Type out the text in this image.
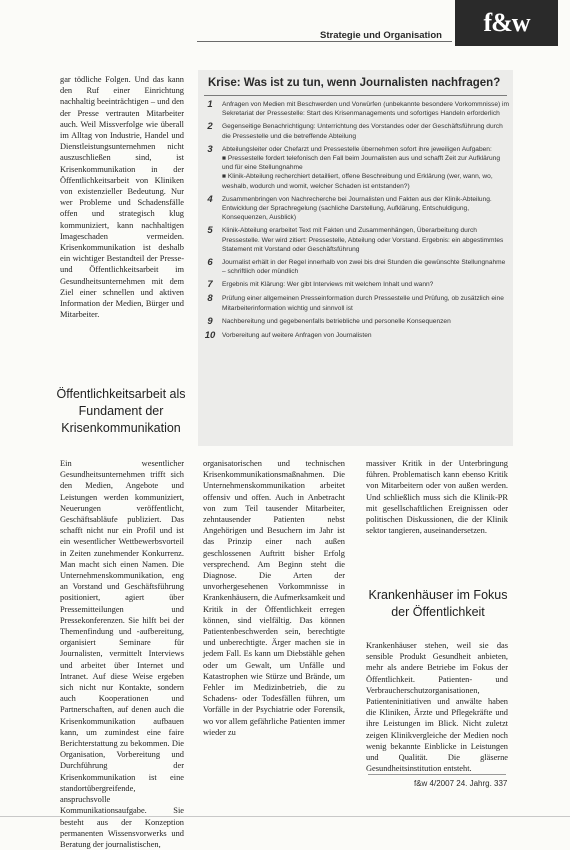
Strategie und Organisation	f&w

gar tödliche Folgen. Und das kann den Ruf einer Einrichtung nachhaltig beeinträchtigen – und den der Presse vertrauten Mitarbeiter auch. Weil Missverfolge wie überall im Alltag von Industrie, Handel und Dienstleistungsunternehmen nicht auszuschließen sind, ist Krisenkommunikation in der Öffentlichkeitsarbeit von Kliniken von existenzieller Bedeutung. Nur wer Probleme und Schadensfälle offen und strategisch klug kommuniziert, kann nachhaltigen Imageschaden vermeiden. Krisenkommunikation ist deshalb ein wichtiger Bestandteil der Presse- und Öffentlichkeitsarbeit im Gesundheitsunternehmen mit dem Ziel einer schnellen und aktiven Information der Medien, Bürger und Mitarbeiter.

Öffentlichkeitsarbeit als Fundament der Krisenkommunikation

Ein wesentlicher Gesundheitsunternehmen trifft sich den Medien, Angebote und Leistungen werden kommuniziert, Neuerungen veröffentlicht, Geschäftsabläufe publiziert. Das schafft nicht nur ein Profil und ist ein wesentlicher Wettbewerbsvorteil in Zeiten zunehmender Konkurrenz. Man macht sich einen Namen. Die Unternehmenskommunikation, eng an Vorstand und Geschäftsführung positioniert, agiert über Pressemitteilungen und Pressekonferenzen. Sie hilft bei der Themenfindung und -aufbereitung, organisiert Seminare für Journalisten, vermittelt Interviews und arbeitet über Internet und Intranet. Auf diese Weise ergeben sich nicht nur Kontakte, sondern auch Kooperationen und Partnerschaften, auf denen auch die Krisenkommunikation aufbauen kann, um zumindest eine faire Berichterstattung zu bekommen. Die Organisation, Vorbereitung und Durchführung der Krisenkommunikation ist eine standortübergreifende, anspruchsvolle Kommunikationsaufgabe. Sie besteht aus der Konzeption permanenten Wissensvorwerks und Beratung der journalistischen,

organisatorischen und technischen Krisenkommunikationsmaßnahmen. Die Unternehmenskommunikation arbeitet offensiv und offen. Auch in Anbetracht von zum Teil tausender Mitarbeiter, zehntausender Patienten nebst Angehörigen und Besuchern im Jahr ist das Prinzip einer nach außen geschlossenen Auftritt bisher Erfolg versprechend. Am Beginn steht die Diagnose. Die Arten der unvorhergesehenen Vorkommnisse in Krankenhäusern, die Aufmerksamkeit und Kritik in der Öffentlichkeit erregen können, sind vielfältig. Das können Patientenbeschwerden sein, berechtigte und unberechtigte. Ärger machen sie in jedem Fall. Es kann um Diebstähle gehen oder um Gewalt, um Unfälle und Katastrophen wie Stürze und Brände, um Fehler im Medizinbetrieb, die zu Schadens- oder Todesfällen führen, um Vorfälle in der Psychiatrie oder Forensik, wo vor allem gefährliche Patienten immer wieder zu

massiver Kritik in der Unterbringung führen. Problematisch kann ebenso Kritik von Mitarbeitern oder von außen werden. Und schließlich muss sich die Klinik-PR mit gesellschaftlichen Ereignissen oder politischen Diskussionen, die der Klinik sektor tangieren, auseinandersetzen.

Krankenhäuser im Fokus der Öffentlichkeit

Krankenhäuser stehen, weil sie das sensible Produkt Gesundheit anbieten, mehr als andere Betriebe im Fokus der Öffentlichkeit. Patienten- und Verbraucherschutzorganisationen, Patienteninitiativen und anwälte haben die Kliniken, Ärzte und Pflegekräfte und ihre Leistungen im Blick. Nicht zuletzt zeigen Klinikvergleiche der Medien noch wenig bekannte Einblicke in Leistungen und Qualität. Die gläserne Gesundheitsinstitution entsteht.

Krise: Was ist zu tun, wenn Journalisten nachfragen?
1	Anfragen von Medien mit Beschwerden und Vorwürfen (unbekannte besondere Vorkommnisse) im Sekretariat der Pressestelle: Start des Krisenmanagements und sofortiges Handeln erforderlich
2	Gegenseitige Benachrichtigung: Unterrichtung des Vorstandes oder der Geschäftsführung durch die Pressestelle und die betreffende Abteilung
3	Abteilungsleiter oder Chefarzt und Pressestelle übernehmen sofort ihre jeweiligen Aufgaben:
■ Pressestelle fordert telefonisch den Fall beim Journalisten aus und schafft Zeit zur Aufklärung und für eine Stellungnahme
■ Klinik-Abteilung recherchiert detailliert, offene Beschreibung und Erklärung (wer, wann, wo, weshalb, wodurch und womit, welcher Schaden ist entstanden?)
4	Zusammenbringen von Nachrecherche bei Journalisten und Fakten aus der Klinik-Abteilung. Entwicklung der Sprachregelung (sachliche Darstellung, Aufklärung, Entschuldigung, Konsequenzen, Ausblick)
5	Klinik-Abteilung erarbeitet Text mit Fakten und Zusammenhängen, Überarbeitung durch Pressestelle. Wer wird zitiert: Pressestelle, Abteilung oder Vorstand. Ergebnis: ein abgestimmtes Statement mit Vorstand oder Geschäftsführung
6	Journalist erhält in der Regel innerhalb von zwei bis drei Stunden die gewünschte Stellungnahme – schriftlich oder mündlich
7	Ergebnis mit Klärung: Wer gibt Interviews mit welchem Inhalt und wann?
8	Prüfung einer allgemeinen Presseinformation durch Pressestelle und Prüfung, ob zusätzlich eine Mitarbeiterinformation wichtig und sinnvoll ist
9	Nachbereitung und gegebenenfalls betriebliche und personelle Konsequenzen
10	Vorbereitung auf weitere Anfragen von Journalisten
f&w 4/2007 24. Jahrg. 337
